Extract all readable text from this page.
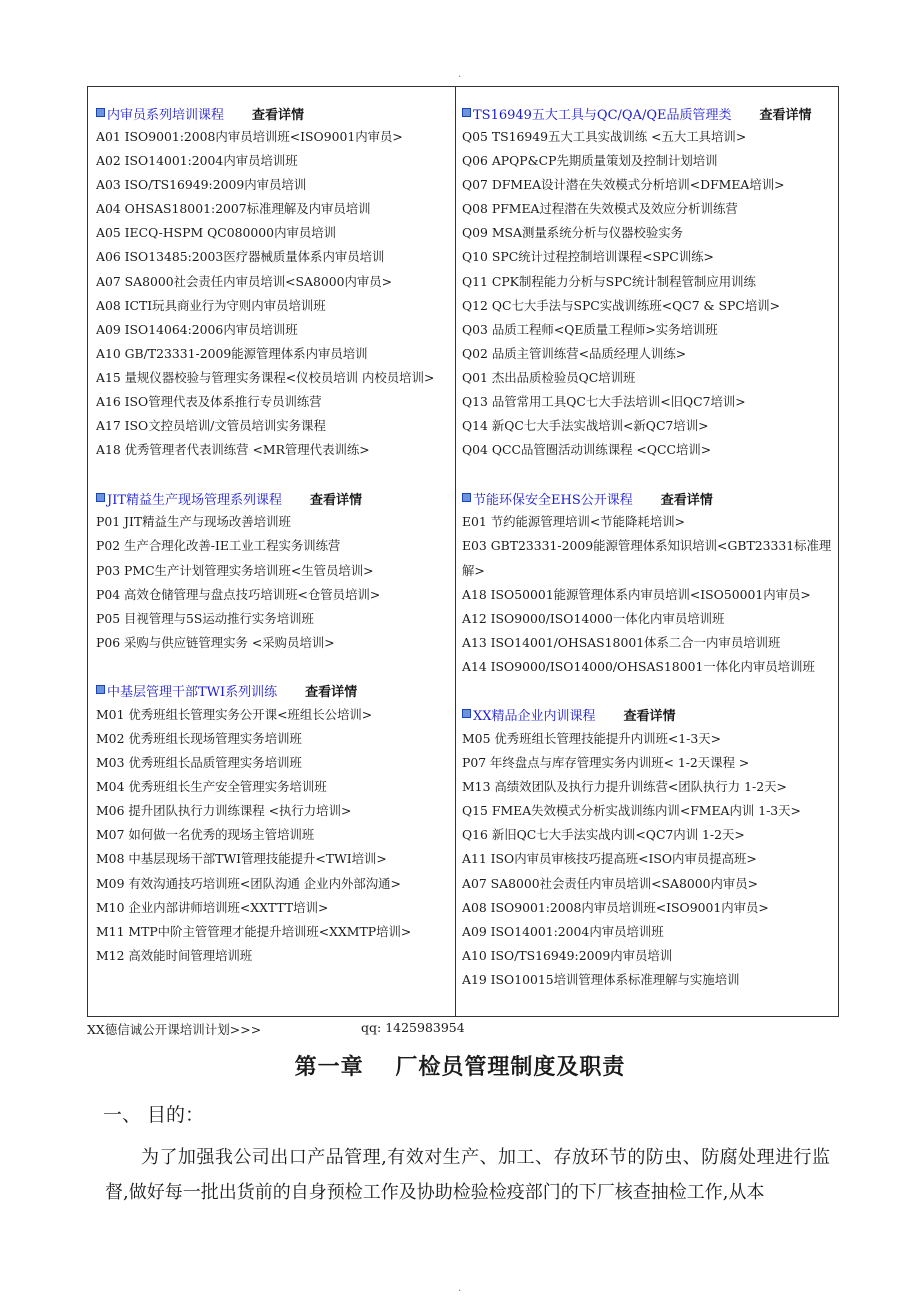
.
内审员系列培训课程 查看详情
A01 ISO9001:2008内审员培训班<ISO9001内审员>
A02 ISO14001:2004内审员培训班
A03 ISO/TS16949:2009内审员培训
A04 OHSAS18001:2007标准理解及内审员培训
A05 IECQ-HSPM QC080000内审员培训
A06 ISO13485:2003医疗器械质量体系内审员培训
A07 SA8000社会责任内审员培训<SA8000内审员>
A08 ICTI玩具商业行为守则内审员培训班
A09 ISO14064:2006内审员培训班
A10 GB/T23331-2009能源管理体系内审员培训
A15 量规仪器校验与管理实务课程<仪校员培训 内校员培训>
A16 ISO管理代表及体系推行专员训练营
A17 ISO文控员培训/文管员培训实务课程
A18 优秀管理者代表训练营 <MR管理代表训练>
JIT精益生产现场管理系列课程 查看详情
P01 JIT精益生产与现场改善培训班
P02 生产合理化改善-IE工业工程实务训练营
P03 PMC生产计划管理实务培训班<生管员培训>
P04 高效仓储管理与盘点技巧培训班<仓管员培训>
P05 目视管理与5S运动推行实务培训班
P06 采购与供应链管理实务 <采购员培训>
中基层管理干部TWI系列训练 查看详情
M01 优秀班组长管理实务公开课<班组长公培训>
M02 优秀班组长现场管理实务培训班
M03 优秀班组长品质管理实务培训班
M04 优秀班组长生产安全管理实务培训班
M06 提升团队执行力训练课程 <执行力培训>
M07 如何做一名优秀的现场主管培训班
M08 中基层现场干部TWI管理技能提升<TWI培训>
M09 有效沟通技巧培训班<团队沟通 企业内外部沟通>
M10 企业内部讲师培训班<XXTTT培训>
M11 MTP中阶主管管理才能提升培训班<XXMTP培训>
M12 高效能时间管理培训班
TS16949五大工具与QC/QA/QE品质管理类 查看详情
Q05 TS16949五大工具实战训练 <五大工具培训>
Q06 APQP&CP先期质量策划及控制计划培训
Q07 DFMEA设计潜在失效模式分析培训<DFMEA培训>
Q08 PFMEA过程潜在失效模式及效应分析训练营
Q09 MSA测量系统分析与仪器校验实务
Q10 SPC统计过程控制培训课程<SPC训练>
Q11 CPK制程能力分析与SPC统计制程管制应用训练
Q12 QC七大手法与SPC实战训练班<QC7 & SPC培训>
Q03 品质工程师<QE质量工程师>实务培训班
Q02 品质主管训练营<品质经理人训练>
Q01 杰出品质检验员QC培训班
Q13 品管常用工具QC七大手法培训<旧QC7培训>
Q14 新QC七大手法实战培训<新QC7培训>
Q04 QCC品管圈活动训练课程 <QCC培训>
节能环保安全EHS公开课程 查看详情
E01 节约能源管理培训<节能降耗培训>
E03 GBT23331-2009能源管理体系知识培训<GBT23331标准理解>
A18 ISO50001能源管理体系内审员培训<ISO50001内审员>
A12 ISO9000/ISO14000一体化内审员培训班
A13 ISO14001/OHSAS18001体系二合一内审员培训班
A14 ISO9000/ISO14000/OHSAS18001一体化内审员培训班
XX精品企业内训课程 查看详情
M05 优秀班组长管理技能提升内训班<1-3天>
P07 年终盘点与库存管理实务内训班< 1-2天课程 >
M13 高绩效团队及执行力提升训练营<团队执行力 1-2天>
Q15 FMEA失效模式分析实战训练内训<FMEA内训 1-3天>
Q16 新旧QC七大手法实战内训<QC7内训 1-2天>
A11 ISO内审员审核技巧提高班<ISO内审员提高班>
A07 SA8000社会责任内审员培训<SA8000内审员>
A08 ISO9001:2008内审员培训班<ISO9001内审员>
A09 ISO14001:2004内审员培训班
A10 ISO/TS16949:2009内审员培训
A19 ISO10015培训管理体系标准理解与实施培训
XX德信诚公开课培训计划>>>	qq: 1425983954
第一章　 厂检员管理制度及职责
一、 目的：
为了加强我公司出口产品管理,有效对生产、加工、存放环节的防虫、防腐处理进行监督,做好每一批出货前的自身预检工作及协助检验检疫部门的下厂核查抽检工作,从本
.
